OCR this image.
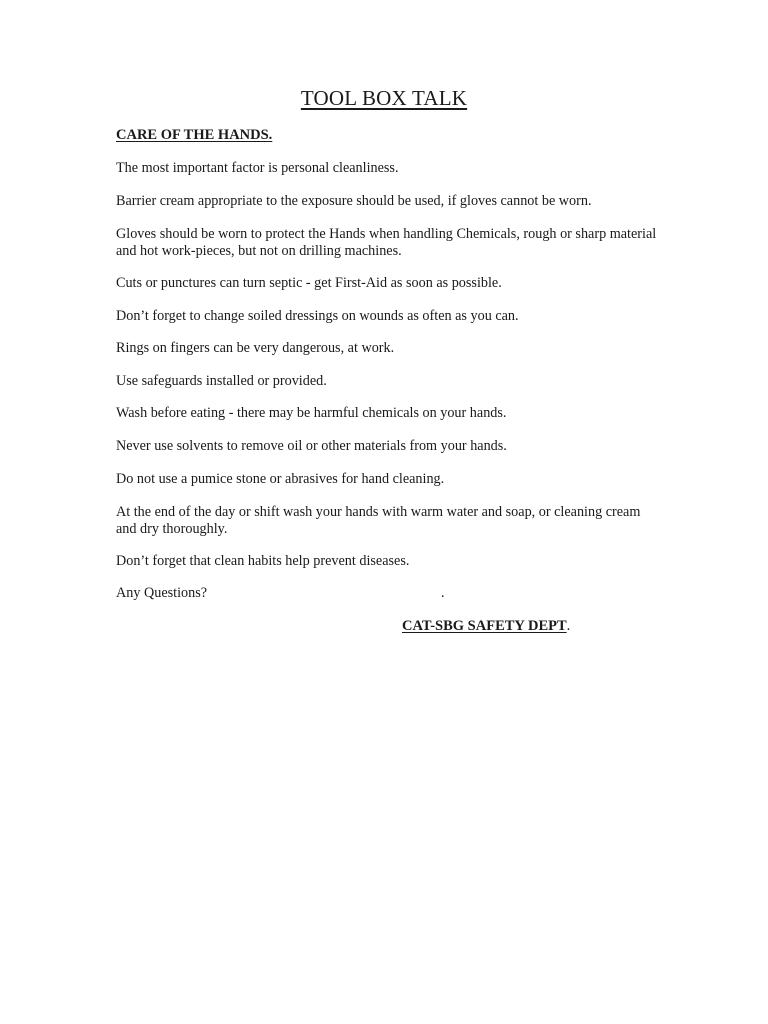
TOOL BOX TALK
CARE OF THE HANDS.

The most important factor is personal cleanliness.

Barrier cream appropriate to the exposure should be used, if gloves cannot be worn.

Gloves should be worn to protect the Hands when handling Chemicals, rough or sharp material and hot work-pieces, but not on drilling machines.

Cuts or punctures can turn septic - get First-Aid as soon as possible.

Don’t forget to change soiled dressings on wounds as often as you can.

Rings on fingers can be very dangerous, at work.

Use safeguards installed or provided.

Wash before eating - there may be harmful chemicals on your hands.

Never use solvents to remove oil or other materials from your hands.

Do not use a pumice stone or abrasives for hand cleaning.

At the end of the day or shift wash your hands with warm water and soap, or cleaning cream and dry thoroughly.

Don’t forget that clean habits help prevent diseases.

Any Questions?	.
CAT-SBG SAFETY DEPT.
